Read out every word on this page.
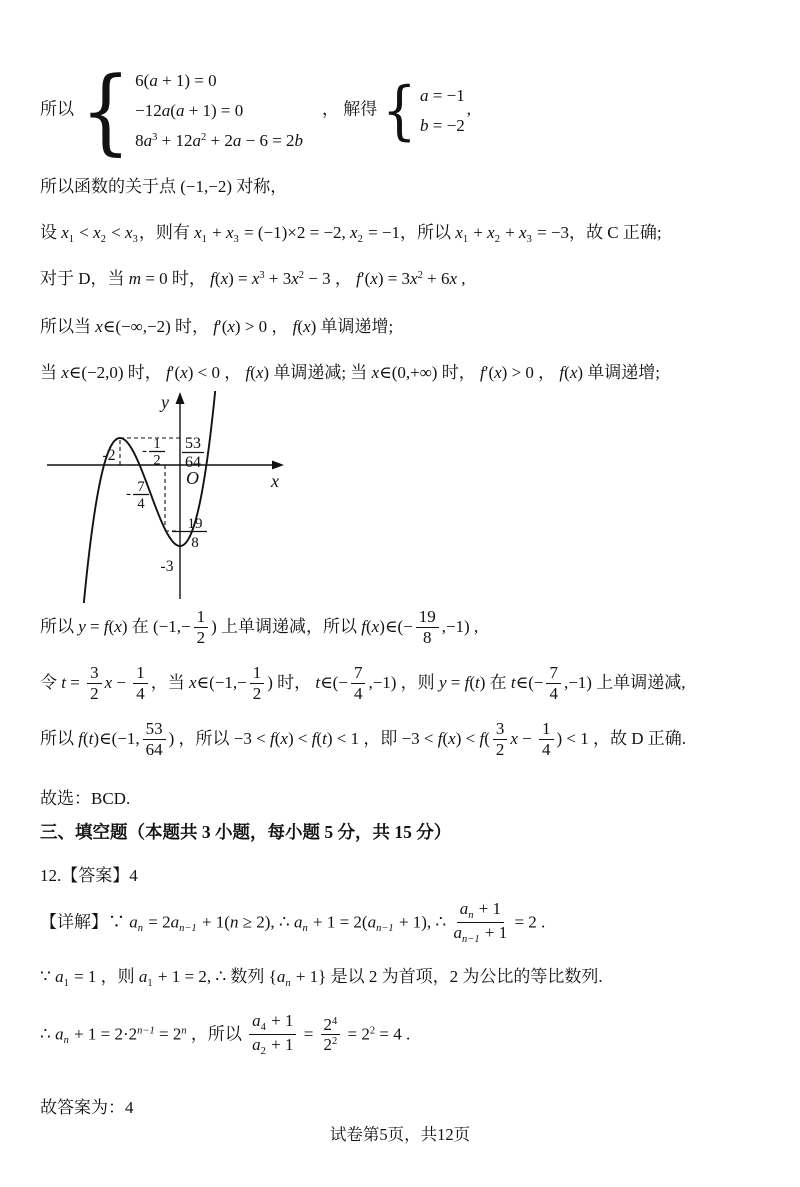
所以 { 6(a + 1) = 0
−12a(a + 1) = 0
$8a^3 + 12a^2 + 2a - 6 = 2b$
　， 解得 { a = −1
b = −2
,

所以函数的关于点 (−1,−2) 对称，

设 $x_1 < x_2 < x_3$，则有 $x_1 + x_3 = (-1)\times 2 = -2$, $x_2 = -1$，所以 $x_1 + x_2 + x_3 = -3$，故 C 正确;

对于 D，当 m = 0 时， $f(x) = x^3 + 3x^2 - 3$ ， $f'(x) = 3x^2 + 6x$ ,

所以当 x∈(−∞,−2) 时， f′(x) > 0 ， f(x) 单调递增;

当 x∈(−2,0) 时， f′(x) < 0 ， f(x) 单调递减; 当 x∈(0,+∞) 时， f′(x) > 0 ， f(x) 单调递增;

y
x
O
-2
- 7
4
- 1
2
53
64
19
8
-3

所以 y = f(x) 在 ($-1,- \frac{1}{2}$ ) 上单调递减，所以 f(x)∈(− $\frac{19}{8} ,-1$) ,

令 $t = \frac{3}{2}$ $x - \frac{1}{4}$ ，当 x∈(−1,− $\frac{1}{2}$ ) 时， t∈(− $\frac{7}{4} ,-1$) ，则 y = f(t) 在 t∈(− $\frac{7}{4} ,-1$) 上单调递减,

所以 f(t)∈(−1, $\frac{53}{64}$ ) ，所以 −3 < f(x) < f(t) < 1 ，即 $-3 < f(x) < f( \frac{3}{2}$ $x - \frac{1}{4}$ ) < 1 ，故 D 正确.

故选：BCD.

三、填空题（本题共 3 小题，每小题 5 分，共 15 分）

12.【答案】4

【详解】∵ $a_n = 2a_{n-1} + 1(n \ge 2)$, ∴ $a_n + 1 = 2(a_{n-1} + 1)$, ∴ $\frac{a_n + 1}{a_{n-1} + 1} = 2$ .

∵ $a_1 = 1$ ，则 $a_1 + 1 = 2$, ∴ 数列 $\{a_n + 1\}$ 是以 2 为首项，2 为公比的等比数列.

∴ $a_n + 1 = 2\cdot 2^{n-1} = 2^n$ ，所以 $\frac{a_4 + 1}{a_2 + 1} = \frac{2^4}{2^2} = 2^2 = 4$ .

故答案为：4

试卷第5页，共12页
